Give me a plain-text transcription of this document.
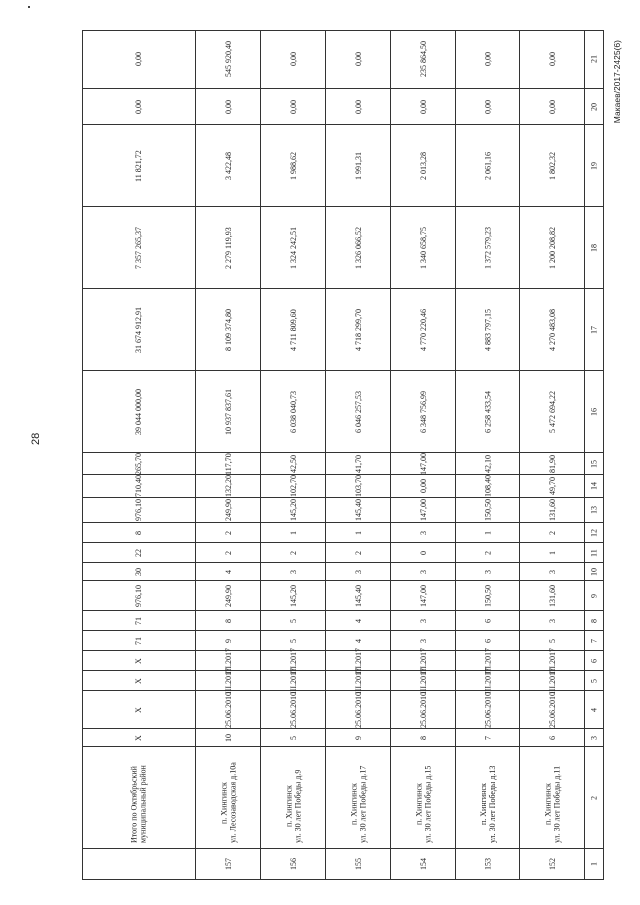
28
Макаев/2017-2425(6)
1
2
3
4
5
6
7
8
9
10
11
12
13
14
15
16
17
18
19
20
21
152
п. Хингинск
ул. 30 лет Победы д.11
6
25.06.2010
III.2017
III.2017
5
3
131,60
3
1
2
131,60
49,70
81,90
5 472 694,22
4 270 483,08
1 200 208,82
1 802,32
0,00
0,00
153
п. Хингинск
ул. 30 лет Победы д.13
7
25.06.2010
III.2017
III.2017
6
6
150,50
3
2
1
150,50
108,40
42,10
6 258 433,54
4 883 797,15
1 372 579,23
2 061,16
0,00
0,00
154
п. Хингинск
ул. 30 лет Победы д.15
8
25.06.2010
III.2017
III.2017
3
3
147,00
3
0
3
147,00
0,00
147,00
6 348 756,99
4 770 220,46
1 340 658,75
2 013,28
0,00
235 864,50
155
п. Хингинск
ул. 30 лет Победы д.17
9
25.06.2010
III.2017
III.2017
4
4
145,40
3
2
1
145,40
103,70
41,70
6 046 257,53
4 718 299,70
1 326 066,52
1 991,31
0,00
0,00
156
п. Хингинск
ул. 30 лет Победы д.9
5
25.06.2010
III.2017
III.2017
5
5
145,20
3
2
1
145,20
102,70
42,50
6 038 040,73
4 711 809,60
1 324 242,51
1 988,62
0,00
0,00
157
п. Хингинск
ул. Лесозаводская д.10а
10
25.06.2010
III.2017
III.2017
9
8
249,90
4
2
2
249,90
132,20
117,70
10 937 837,61
8 109 374,80
2 279 119,93
3 422,48
0,00
545 920,40
Итого по Октябрьский
муниципальный район
X
X
X
X
71
71
976,10
30
22
8
976,10
710,40
265,70
39 044 000,00
31 674 912,91
7 357 265,37
11 821,72
0,00
0,00
